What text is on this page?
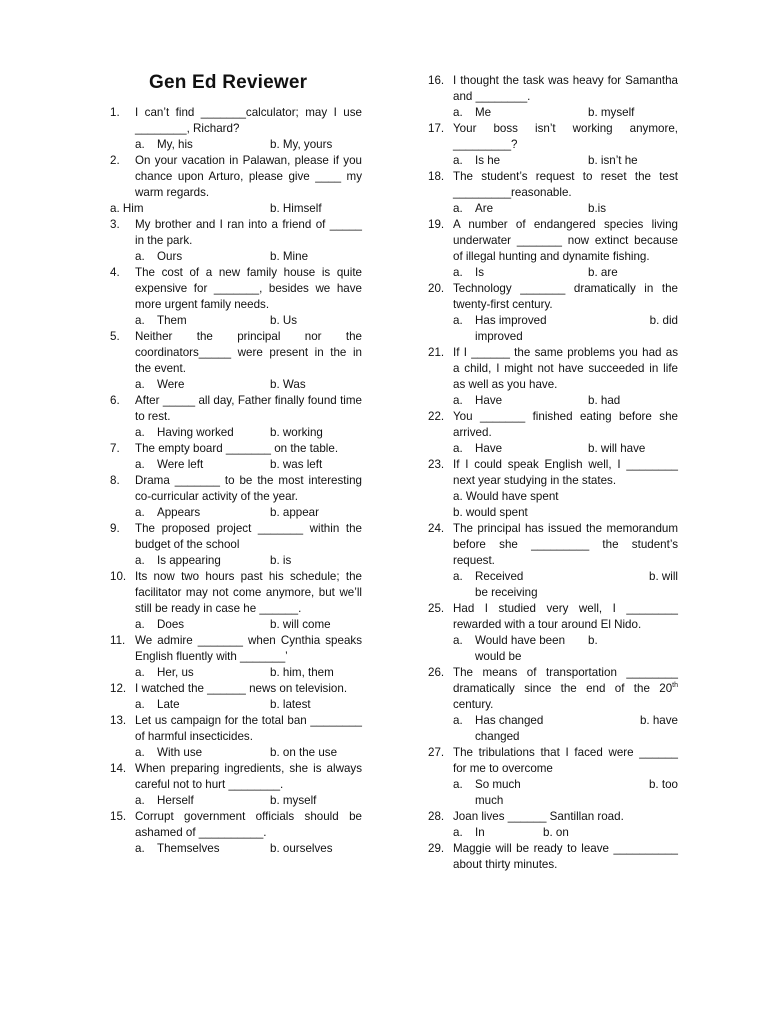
Gen Ed Reviewer
1.	I can’t find _______calculator; may I use ________, Richard?
a. My, his	b. My, yours
2.	On your vacation in Palawan, please if you chance upon Arturo, please give ____ my warm regards.
a. Him	b. Himself
3.	My brother and I ran into a friend of _____ in the park.
a. Ours	b. Mine
4.	The cost of a new family house is quite expensive for _______, besides we have more urgent family needs.
a. Them	b. Us
5.	Neither the principal nor the coordinators_____ were present in the in the event.
a. Were	b. Was
6.	After _____ all day, Father finally found time to rest.
a. Having worked	b. working
7.	The empty board _______ on the table.
a. Were left	b. was left
8.	Drama _______ to be the most interesting co-curricular activity of the year.
a. Appears	b. appear
9.	The proposed project _______ within the budget of the school
a. Is appearing	b. is
10. Its now two hours past his schedule; the facilitator may not come anymore, but we’ll still be ready in case he ______.
a. Does	b. will come
11. We admire _______ when Cynthia speaks English fluently with _______’
a. Her, us	b. him, them
12. I watched the ______ news on television.
a. Late	b. latest
13. Let us campaign for the total ban ________ of harmful insecticides.
a. With use	b. on the use
14. When preparing ingredients, she is always careful not to hurt ________.
a. Herself	b. myself
15. Corrupt government officials should be ashamed of __________.
a. Themselves	b. ourselves
16. I thought the task was heavy for Samantha and ________.
a. Me	b. myself
17. Your boss isn’t working anymore, _________?
a. Is he	b. isn’t he
18. The student’s request to reset the test _________reasonable.
a. Are	b.is
19. A number of endangered species living underwater _______ now extinct because of illegal hunting and dynamite fishing.
a. Is	b. are
20. Technology _______ dramatically in the twenty-first century.
a. Has improved	b. did
improved
21. If I ______ the same problems you had as a child, I might not have succeeded in life as well as you have.
a. Have	b. had
22. You _______ finished eating before she arrived.
a. Have	b. will have
23. If I could speak English well, I ________ next year studying in the states.
a. Would have spent
b. would spent
24. The principal has issued the memorandum before she _________ the student’s request.
a. Received	b. will
be receiving
25. Had I studied very well, I ________ rewarded with a tour around El Nido.
a. Would have been	b.
would be
26. The means of transportation ________ dramatically since the end of the 20th century.
a. Has changed	b. have
changed
27. The tribulations that I faced were ______ for me to overcome
a. So much	b. too
much
28. Joan lives ______ Santillan road.
a. In	b. on
29. Maggie will be ready to leave __________ about thirty minutes.
